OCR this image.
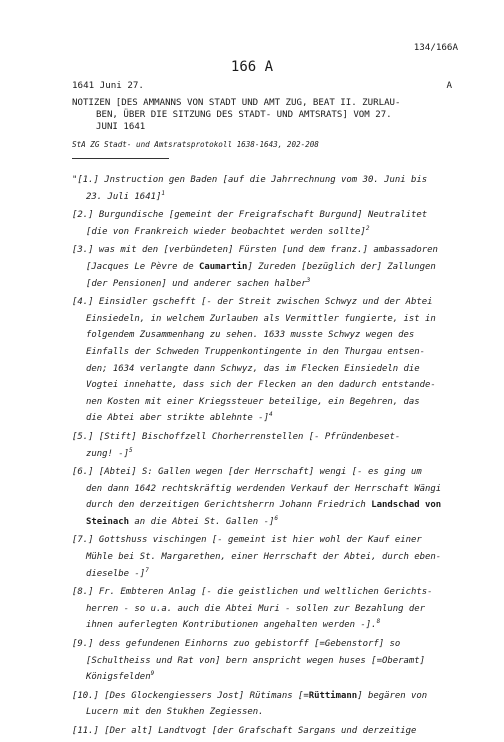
134/166A
166 A
1641 Juni 27.	A
NOTIZEN [DES AMMANNS VON STADT UND AMT ZUG, BEAT II. ZURLAU-
BEN, ÜBER DIE SITZUNG DES STADT- UND AMTSRATS] VOM 27.
JUNI 1641
StA ZG Stadt- und Amtsratsprotokoll 1638-1643, 202-208
"[1.] Jnstruction gen Baden [auf die Jahrrechnung vom 30. Juni bis
23. Juli 1641]$^1$
[2.] Burgundische [gemeint der Freigrafschaft Burgund] Neutralitet
[die von Frankreich wieder beobachtet werden sollte]$^2$
[3.] was mit den [verbündeten] Fürsten [und dem franz.] ambassadoren
[Jacques Le Pèvre de Caumartin] Zureden [bezüglich der] Zallungen
[der Pensionen] und anderer sachen halber$^3$
[4.] Einsidler gschefft [- der Streit zwischen Schwyz und der Abtei
Einsiedeln, in welchem Zurlauben als Vermittler fungierte, ist in
folgendem Zusammenhang zu sehen. 1633 musste Schwyz wegen des
Einfalls der Schweden Truppenkontingente in den Thurgau entsen-
den; 1634 verlangte dann Schwyz, das im Flecken Einsiedeln die
Vogtei innehatte, dass sich der Flecken an den dadurch entstande-
nen Kosten mit einer Kriegssteuer beteilige, ein Begehren, das
die Abtei aber strikte ablehnte -]$^4$
[5.] [Stift] Bischoffzell Chorherrenstellen [- Pfründenbeset-
zung! -]$^5$
[6.] [Abtei] S: Gallen wegen [der Herrschaft] wengi [- es ging um
den dann 1642 rechtskräftig werdenden Verkauf der Herrschaft Wängi
durch den derzeitigen Gerichtsherrn Johann Friedrich Landschad von
Steinach an die Abtei St. Gallen -]$^6$
[7.] Gottshuss vischingen [- gemeint ist hier wohl der Kauf einer
Mühle bei St. Margarethen, einer Herrschaft der Abtei, durch eben-
dieselbe -]$^7$
[8.] Fr. Embteren Anlag [- die geistlichen und weltlichen Gerichts-
herren - so u.a. auch die Abtei Muri - sollen zur Bezahlung der
ihnen auferlegten Kontributionen angehalten werden -].$^8$
[9.] dess gefundenen Einhorns zuo gebistorff [=Gebenstorf] so
[Schultheiss und Rat von] bern anspricht wegen huses [=Oberamt]
Königsfelden$^9$
[10.] [Des Glockengiessers Jost] Rütimans [=Rüttimann] begären von
Lucern mit den Stukhen Zegiessen.
[11.] [Der alt] Landtvogt [der Grafschaft Sargans und derzeitige
